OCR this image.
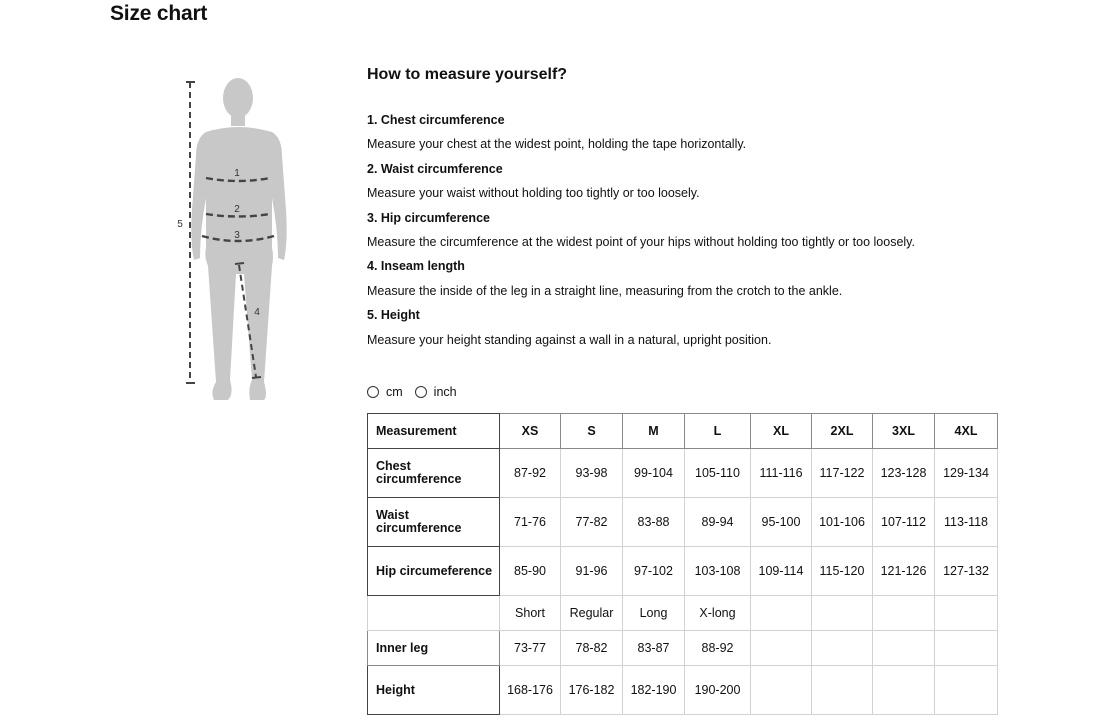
Size chart
1
2
3
4
5
How to measure yourself?
1. Chest circumference
Measure your chest at the widest point, holding the tape horizontally.
2. Waist circumference
Measure your waist without holding too tightly or too loosely.
3. Hip circumference
Measure the circumference at the widest point of your hips without holding too tightly or too loosely.
4. Inseam length
Measure the inside of the leg in a straight line, measuring from the crotch to the ankle.
5. Height
Measure your height standing against a wall in a natural, upright position.
cm inch
Measurement	XS	S	M	L	XL	2XL	3XL	4XL
Chest circumference	87-92	93-98	99-104	105-110	111-116	117-122	123-128	129-134
Waist circumference	71-76	77-82	83-88	89-94	95-100	101-106	107-112	113-118
Hip circumeference	85-90	91-96	97-102	103-108	109-114	115-120	121-126	127-132
	Short	Regular	Long	X-long				
Inner leg	73-77	78-82	83-87	88-92				
Height	168-176	176-182	182-190	190-200				
